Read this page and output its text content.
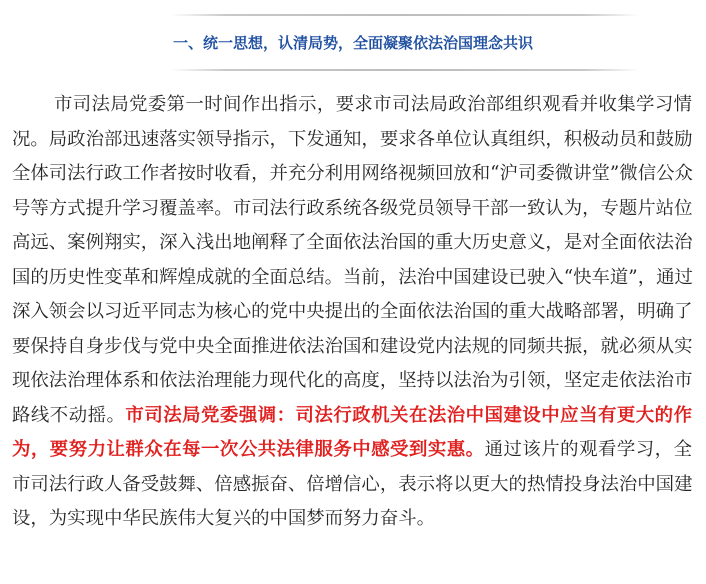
一、统一思想，认清局势，全面凝聚依法治国理念共识

市司法局党委第一时间作出指示，要求市司法局政治部组织观看并收集学习情
况。局政治部迅速落实领导指示，下发通知，要求各单位认真组织，积极动员和鼓励
全体司法行政工作者按时收看，并充分利用网络视频回放和“沪司委微讲堂”微信公众
号等方式提升学习覆盖率。市司法行政系统各级党员领导干部一致认为，专题片站位
高远、案例翔实，深入浅出地阐释了全面依法治国的重大历史意义，是对全面依法治
国的历史性变革和辉煌成就的全面总结。当前，法治中国建设已驶入“快车道”，通过
深入领会以习近平同志为核心的党中央提出的全面依法治国的重大战略部署，明确了
要保持自身步伐与党中央全面推进依法治国和建设党内法规的同频共振，就必须从实
现依法治理体系和依法治理能力现代化的高度，坚持以法治为引领，坚定走依法治市
路线不动摇。市司法局党委强调：司法行政机关在法治中国建设中应当有更大的作
为，要努力让群众在每一次公共法律服务中感受到实惠。通过该片的观看学习，全
市司法行政人备受鼓舞、倍感振奋、倍增信心，表示将以更大的热情投身法治中国建
设，为实现中华民族伟大复兴的中国梦而努力奋斗。
